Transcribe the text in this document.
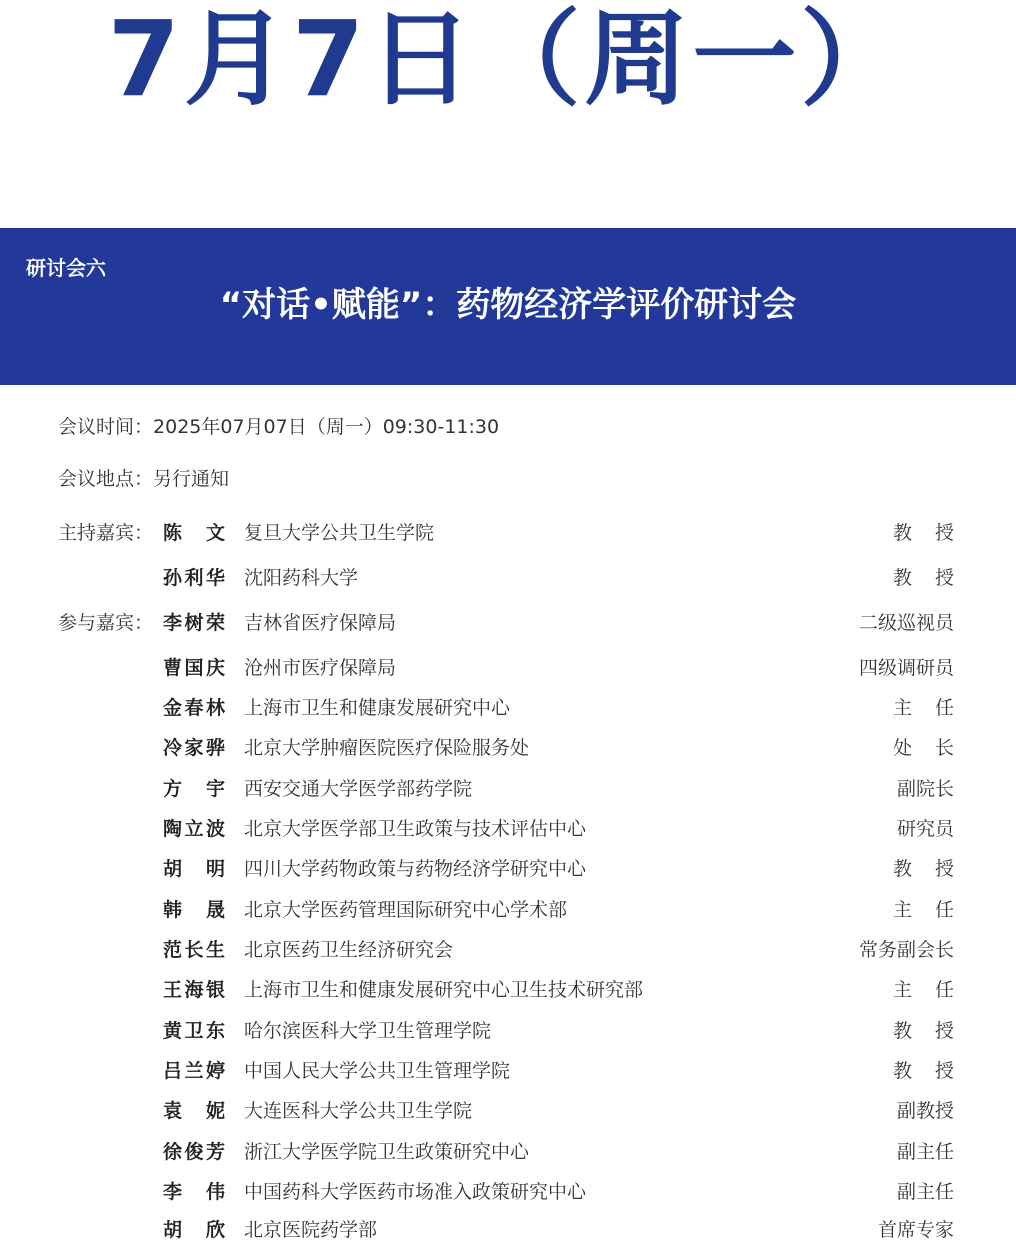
7月7日（周一）
研讨会六
“对话•赋能”：药物经济学评价研讨会
会议时间：2025年07月07日（周一）09:30-11:30
会议地点：另行通知
主持嘉宾： 陈文 复旦大学公共卫生学院	教授
孙利华 沈阳药科大学	教授
参与嘉宾： 李树荣 吉林省医疗保障局	二级巡视员
曹国庆 沧州市医疗保障局	四级调研员
金春林 上海市卫生和健康发展研究中心	主任
冷家骅 北京大学肿瘤医院医疗保险服务处	处长
方宇 西安交通大学医学部药学院	副院长
陶立波 北京大学医学部卫生政策与技术评估中心	研究员
胡明 四川大学药物政策与药物经济学研究中心	教授
韩晟 北京大学医药管理国际研究中心学术部	主任
范长生 北京医药卫生经济研究会	常务副会长
王海银 上海市卫生和健康发展研究中心卫生技术研究部	主任
黄卫东 哈尔滨医科大学卫生管理学院	教授
吕兰婷 中国人民大学公共卫生管理学院	教授
袁妮 大连医科大学公共卫生学院	副教授
徐俊芳 浙江大学医学院卫生政策研究中心	副主任
李伟 中国药科大学医药市场准入政策研究中心	副主任
胡欣 北京医院药学部	首席专家
